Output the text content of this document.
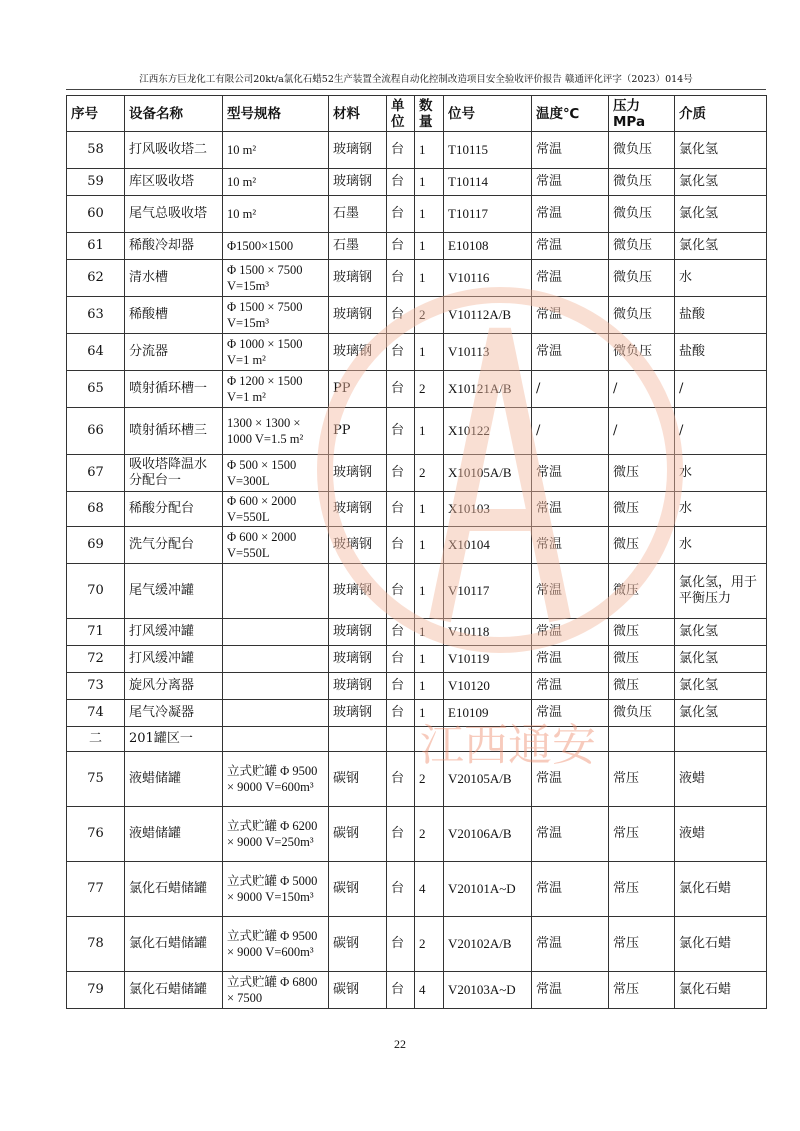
江西东方巨龙化工有限公司20kt/a氯化石蜡52生产装置全流程自动化控制改造项目安全验收评价报告 赣通评化评字（2023）014号
序号	设备名称	型号规格	材料	单位	数量	位号	温度℃	压力MPa	介质
58	打风吸收塔二	10 m²	玻璃钢	台	1	T10115	常温	微负压	氯化氢
59	库区吸收塔	10 m²	玻璃钢	台	1	T10114	常温	微负压	氯化氢
60	尾气总吸收塔	10 m²	石墨	台	1	T10117	常温	微负压	氯化氢
61	稀酸冷却器	Φ1500×1500	石墨	台	1	E10108	常温	微负压	氯化氢
62	清水槽	Φ 1500 × 7500 V=15m³	玻璃钢	台	1	V10116	常温	微负压	水
63	稀酸槽	Φ 1500 × 7500 V=15m³	玻璃钢	台	2	V10112A/B	常温	微负压	盐酸
64	分流器	Φ 1000 × 1500 V=1 m²	玻璃钢	台	1	V10113	常温	微负压	盐酸
65	喷射循环槽一	Φ 1200 × 1500 V=1 m²	PP	台	2	X10121A/B	/	/	/
66	喷射循环槽三	1300 × 1300 × 1000 V=1.5 m²	PP	台	1	X10122	/	/	/
67	吸收塔降温水分配台一	Φ 500 × 1500 V=300L	玻璃钢	台	2	X10105A/B	常温	微压	水
68	稀酸分配台	Φ 600 × 2000 V=550L	玻璃钢	台	1	X10103	常温	微压	水
69	洗气分配台	Φ 600 × 2000 V=550L	玻璃钢	台	1	X10104	常温	微压	水
70	尾气缓冲罐		玻璃钢	台	1	V10117	常温	微压	氯化氢，用于平衡压力
71	打风缓冲罐		玻璃钢	台	1	V10118	常温	微压	氯化氢
72	打风缓冲罐		玻璃钢	台	1	V10119	常温	微压	氯化氢
73	旋风分离器		玻璃钢	台	1	V10120	常温	微压	氯化氢
74	尾气冷凝器		玻璃钢	台	1	E10109	常温	微负压	氯化氢
二	201罐区一								
75	液蜡储罐	立式贮罐 Φ 9500 × 9000 V=600m³	碳钢	台	2	V20105A/B	常温	常压	液蜡
76	液蜡储罐	立式贮罐 Φ 6200 × 9000 V=250m³	碳钢	台	2	V20106A/B	常温	常压	液蜡
77	氯化石蜡储罐	立式贮罐 Φ 5000 × 9000 V=150m³	碳钢	台	4	V20101A~D	常温	常压	氯化石蜡
78	氯化石蜡储罐	立式贮罐 Φ 9500 × 9000 V=600m³	碳钢	台	2	V20102A/B	常温	常压	氯化石蜡
79	氯化石蜡储罐	立式贮罐 Φ 6800 × 7500	碳钢	台	4	V20103A~D	常温	常压	氯化石蜡
江西通安
22
